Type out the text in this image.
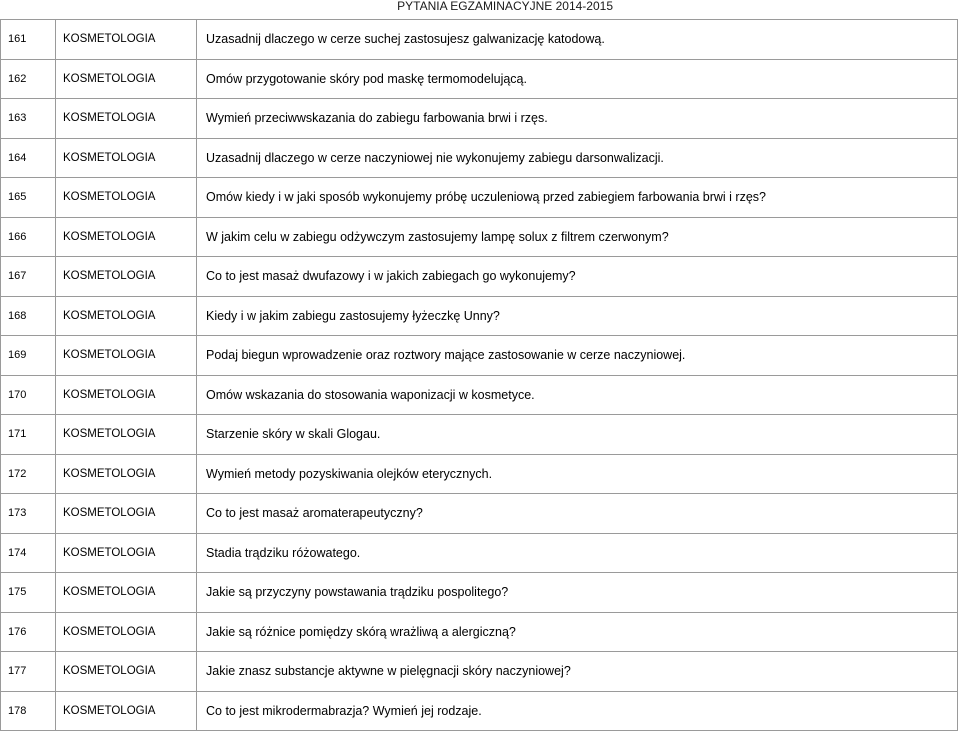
PYTANIA EGZAMINACYJNE 2014-2015
161	KOSMETOLOGIA	Uzasadnij dlaczego w cerze suchej zastosujesz galwanizację katodową.
162	KOSMETOLOGIA	Omów przygotowanie skóry pod maskę termomodelującą.
163	KOSMETOLOGIA	Wymień przeciwwskazania do zabiegu farbowania brwi i rzęs.
164	KOSMETOLOGIA	Uzasadnij dlaczego w cerze naczyniowej nie wykonujemy zabiegu darsonwalizacji.
165	KOSMETOLOGIA	Omów kiedy i w jaki sposób wykonujemy próbę uczuleniową przed zabiegiem farbowania brwi i rzęs?
166	KOSMETOLOGIA	W jakim celu w zabiegu odżywczym zastosujemy lampę solux z filtrem czerwonym?
167	KOSMETOLOGIA	Co to jest masaż dwufazowy i w jakich zabiegach go wykonujemy?
168	KOSMETOLOGIA	Kiedy i w jakim zabiegu zastosujemy łyżeczkę Unny?
169	KOSMETOLOGIA	Podaj biegun wprowadzenie oraz roztwory mające zastosowanie w cerze naczyniowej.
170	KOSMETOLOGIA	Omów wskazania do stosowania waponizacji w kosmetyce.
171	KOSMETOLOGIA	Starzenie skóry w skali Glogau.
172	KOSMETOLOGIA	Wymień metody pozyskiwania olejków eterycznych.
173	KOSMETOLOGIA	Co to jest masaż aromaterapeutyczny?
174	KOSMETOLOGIA	Stadia trądziku różowatego.
175	KOSMETOLOGIA	Jakie są przyczyny powstawania trądziku pospolitego?
176	KOSMETOLOGIA	Jakie są różnice pomiędzy skórą wrażliwą a alergiczną?
177	KOSMETOLOGIA	Jakie znasz substancje aktywne w pielęgnacji skóry naczyniowej?
178	KOSMETOLOGIA	Co to jest mikrodermabrazja? Wymień jej rodzaje.
